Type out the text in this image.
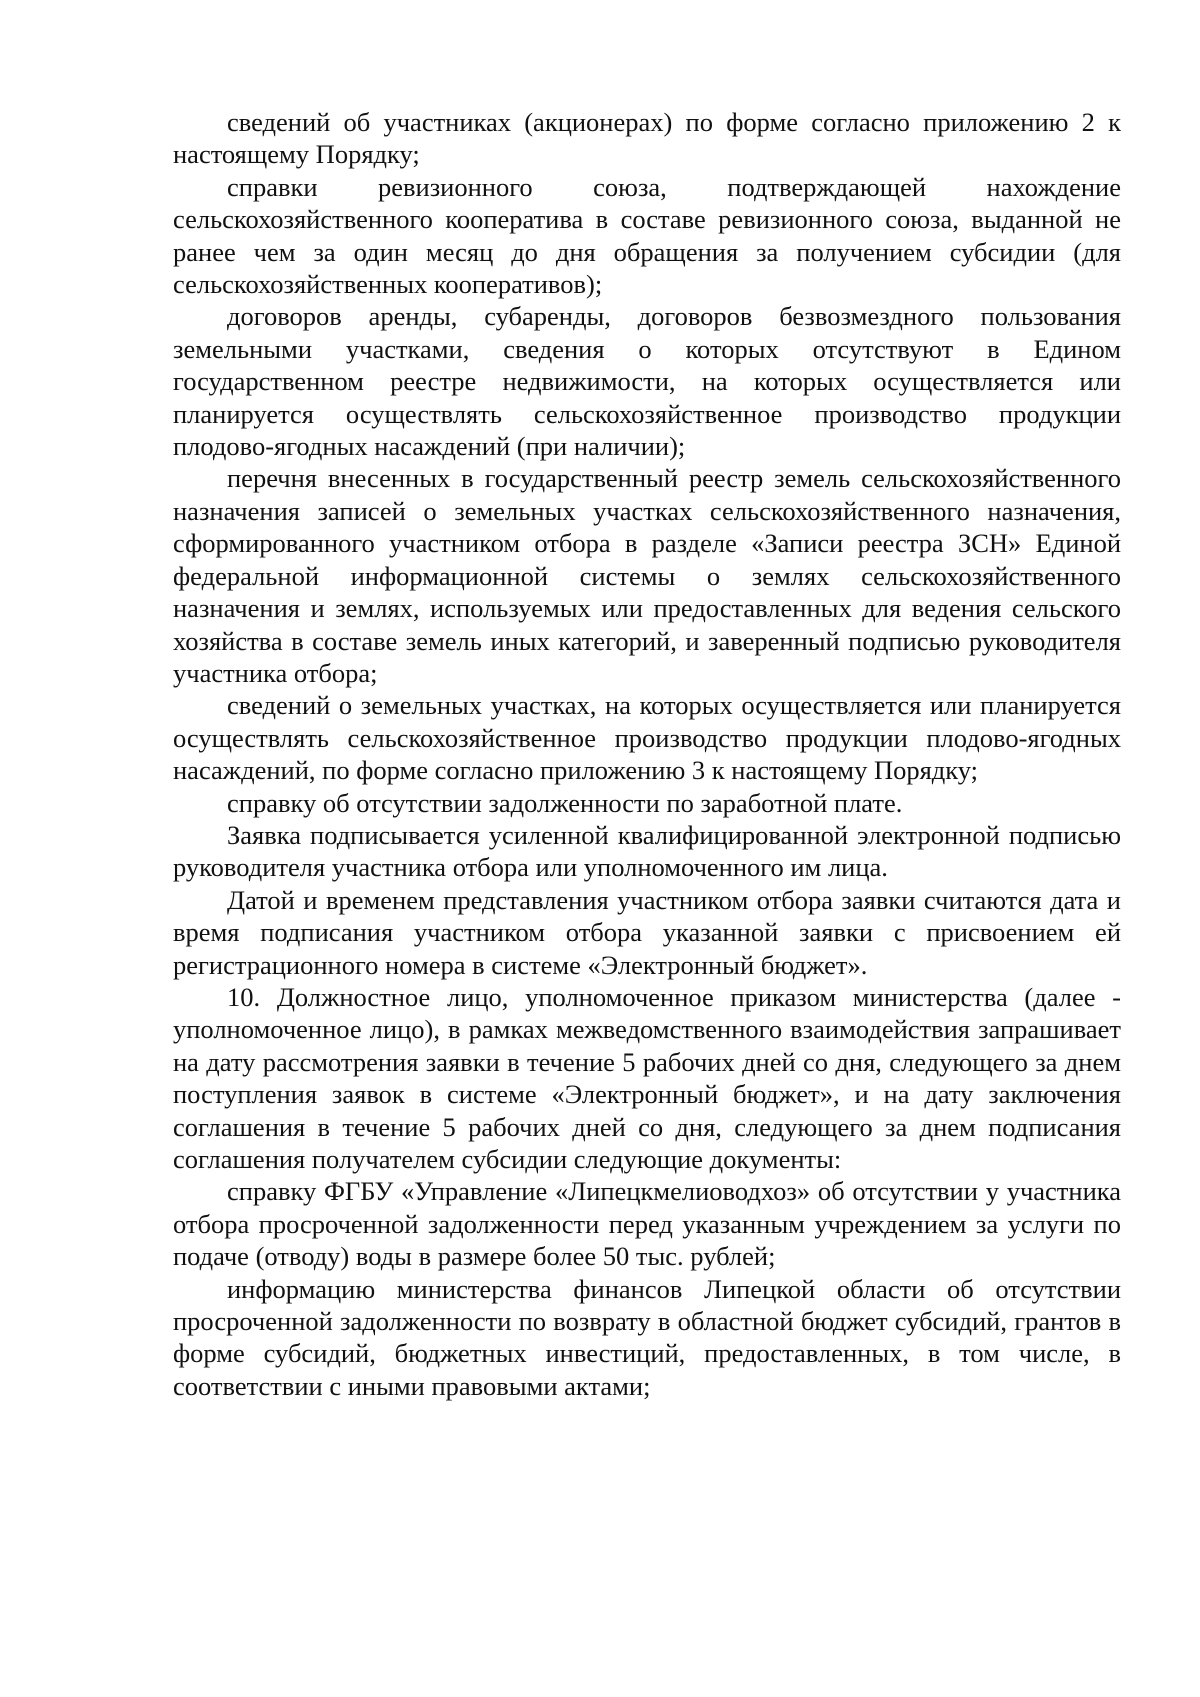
сведений об участниках (акционерах) по форме согласно приложению 2 к настоящему Порядку;

справки ревизионного союза, подтверждающей нахождение сельскохозяйственного кооператива в составе ревизионного союза, выданной не ранее чем за один месяц до дня обращения за получением субсидии (для сельскохозяйственных кооперативов);

договоров аренды, субаренды, договоров безвозмездного пользования земельными участками, сведения о которых отсутствуют в Едином государственном реестре недвижимости, на которых осуществляется или планируется осуществлять сельскохозяйственное производство продукции плодово-ягодных насаждений (при наличии);

перечня внесенных в государственный реестр земель сельскохозяйственного назначения записей о земельных участках сельскохозяйственного назначения, сформированного участником отбора в разделе «Записи реестра ЗСН» Единой федеральной информационной системы о землях сельскохозяйственного назначения и землях, используемых или предоставленных для ведения сельского хозяйства в составе земель иных категорий, и заверенный подписью руководителя участника отбора;

сведений о земельных участках, на которых осуществляется или планируется осуществлять сельскохозяйственное производство продукции плодово-ягодных насаждений, по форме согласно приложению 3 к настоящему Порядку;

справку об отсутствии задолженности по заработной плате.

Заявка подписывается усиленной квалифицированной электронной подписью руководителя участника отбора или уполномоченного им лица.

Датой и временем представления участником отбора заявки считаются дата и время подписания участником отбора указанной заявки с присвоением ей регистрационного номера в системе «Электронный бюджет».

10. Должностное лицо, уполномоченное приказом министерства (далее - уполномоченное лицо), в рамках межведомственного взаимодействия запрашивает на дату рассмотрения заявки в течение 5 рабочих дней со дня, следующего за днем поступления заявок в системе «Электронный бюджет», и на дату заключения соглашения в течение 5 рабочих дней со дня, следующего за днем подписания соглашения получателем субсидии следующие документы:

справку ФГБУ «Управление «Липецкмелиоводхоз» об отсутствии у участника отбора просроченной задолженности перед указанным учреждением за услуги по подаче (отводу) воды в размере более 50 тыс. рублей;

информацию министерства финансов Липецкой области об отсутствии просроченной задолженности по возврату в областной бюджет субсидий, грантов в форме субсидий, бюджетных инвестиций, предоставленных, в том числе, в соответствии с иными правовыми актами;
